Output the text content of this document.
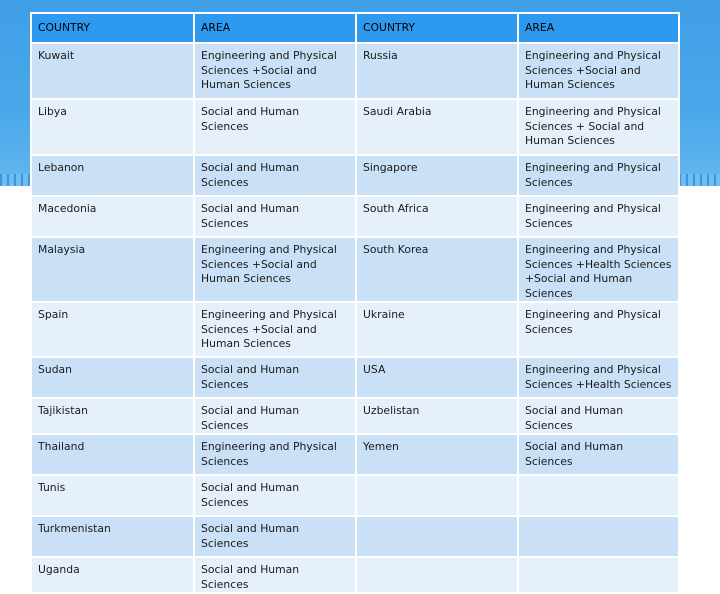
COUNTRY	AREA	COUNTRY	AREA
Kuwait	Engineering and Physical Sciences +Social and Human Sciences	Russia	Engineering and Physical Sciences +Social and Human Sciences
Libya	Social and Human Sciences	Saudi Arabia	Engineering and Physical Sciences + Social and Human Sciences
Lebanon	Social and Human Sciences	Singapore	Engineering and Physical Sciences
Macedonia	Social and Human Sciences	South Africa	Engineering and Physical Sciences
Malaysia	Engineering and Physical Sciences +Social and Human Sciences	South Korea	Engineering and Physical Sciences +Health Sciences +Social and Human Sciences
Spain	Engineering and Physical Sciences +Social and Human Sciences	Ukraine	Engineering and Physical Sciences
Sudan	Social and Human Sciences	USA	Engineering and Physical Sciences +Health Sciences
Tajikistan	Social and Human Sciences	Uzbelistan	Social and Human Sciences
Thailand	Engineering and Physical Sciences	Yemen	Social and Human Sciences
Tunis	Social and Human Sciences		
Turkmenistan	Social and Human Sciences		
Uganda	Social and Human Sciences		
